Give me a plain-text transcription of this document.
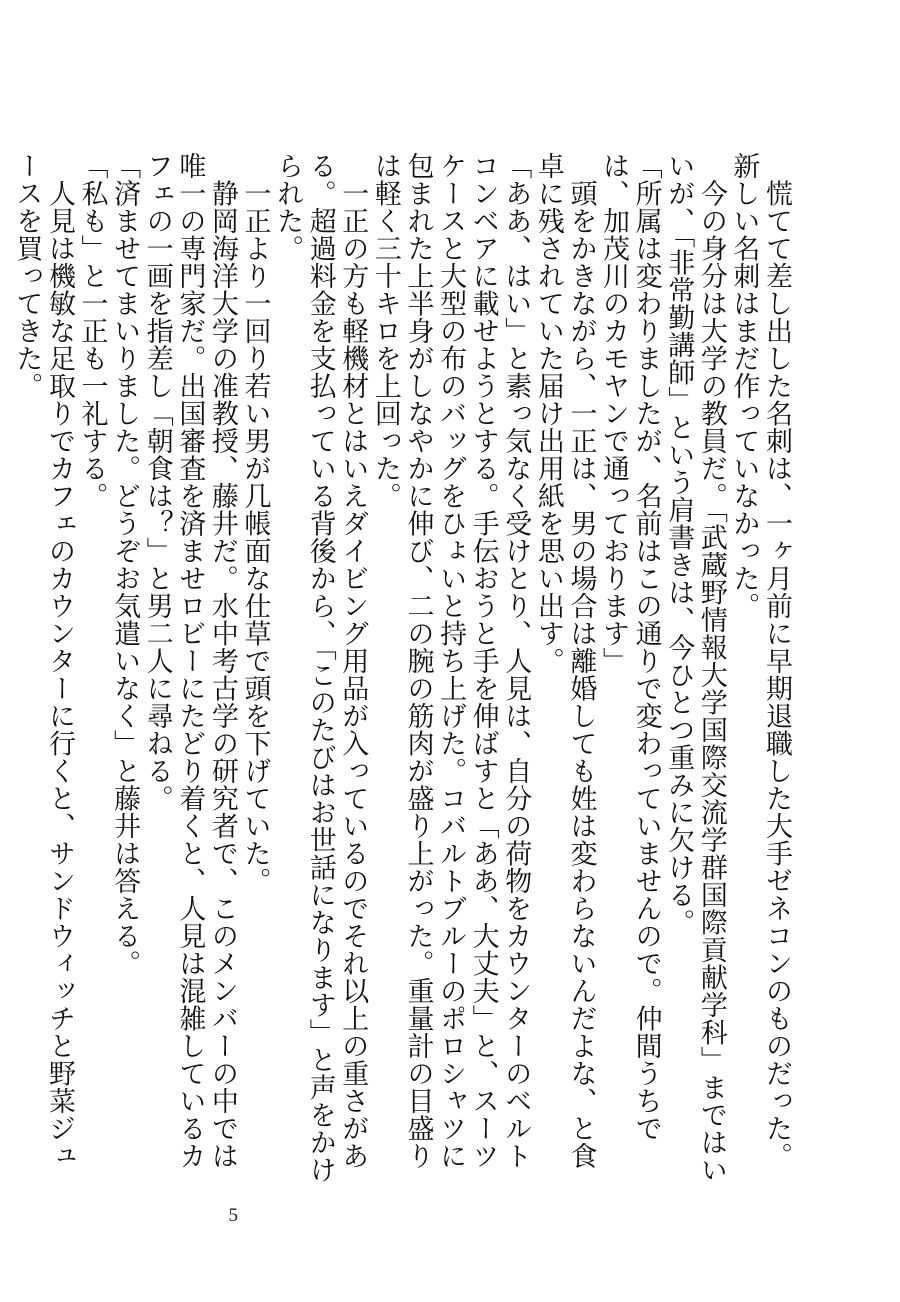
　慌てて差し出した名刺は、一ヶ月前に早期退職した大手ゼネコンのものだった。新しい名刺はまだ作っていなかった。

　今の身分は大学の教員だ。「武蔵野情報大学国際交流学群国際貢献学科」まではいいが、「非常勤講師」という肩書きは、今ひとつ重みに欠ける。

「所属は変わりましたが、名前はこの通りで変わっていませんので。仲間うちでは、加茂川のカモヤンで通っております」

　頭をかきながら、一正は、男の場合は離婚しても姓は変わらないんだよな、と食卓に残されていた届け出用紙を思い出す。

「ああ、はい」と素っ気なく受けとり、人見は、自分の荷物をカウンターのベルトコンベアに載せようとする。手伝おうと手を伸ばすと「ああ、大丈夫」と、スーツケースと大型の布のバッグをひょいと持ち上げた。コバルトブルーのポロシャツに包まれた上半身がしなやかに伸び、二の腕の筋肉が盛り上がった。重量計の目盛りは軽く三十キロを上回った。

　一正の方も軽機材とはいえダイビング用品が入っているのでそれ以上の重さがある。超過料金を支払っている背後から、「このたびはお世話になります」と声をかけられた。

　一正より一回り若い男が几帳面な仕草で頭を下げていた。

　静岡海洋大学の准教授、藤井だ。水中考古学の研究者で、このメンバーの中では唯一の専門家だ。出国審査を済ませロビーにたどり着くと、人見は混雑しているカフェの一画を指差し「朝食は？」と男二人に尋ねる。

「済ませてまいりました。どうぞお気遣いなく」と藤井は答える。

「私も」と一正も一礼する。

　人見は機敏な足取りでカフェのカウンターに行くと、サンドウィッチと野菜ジュースを買ってきた。

5
